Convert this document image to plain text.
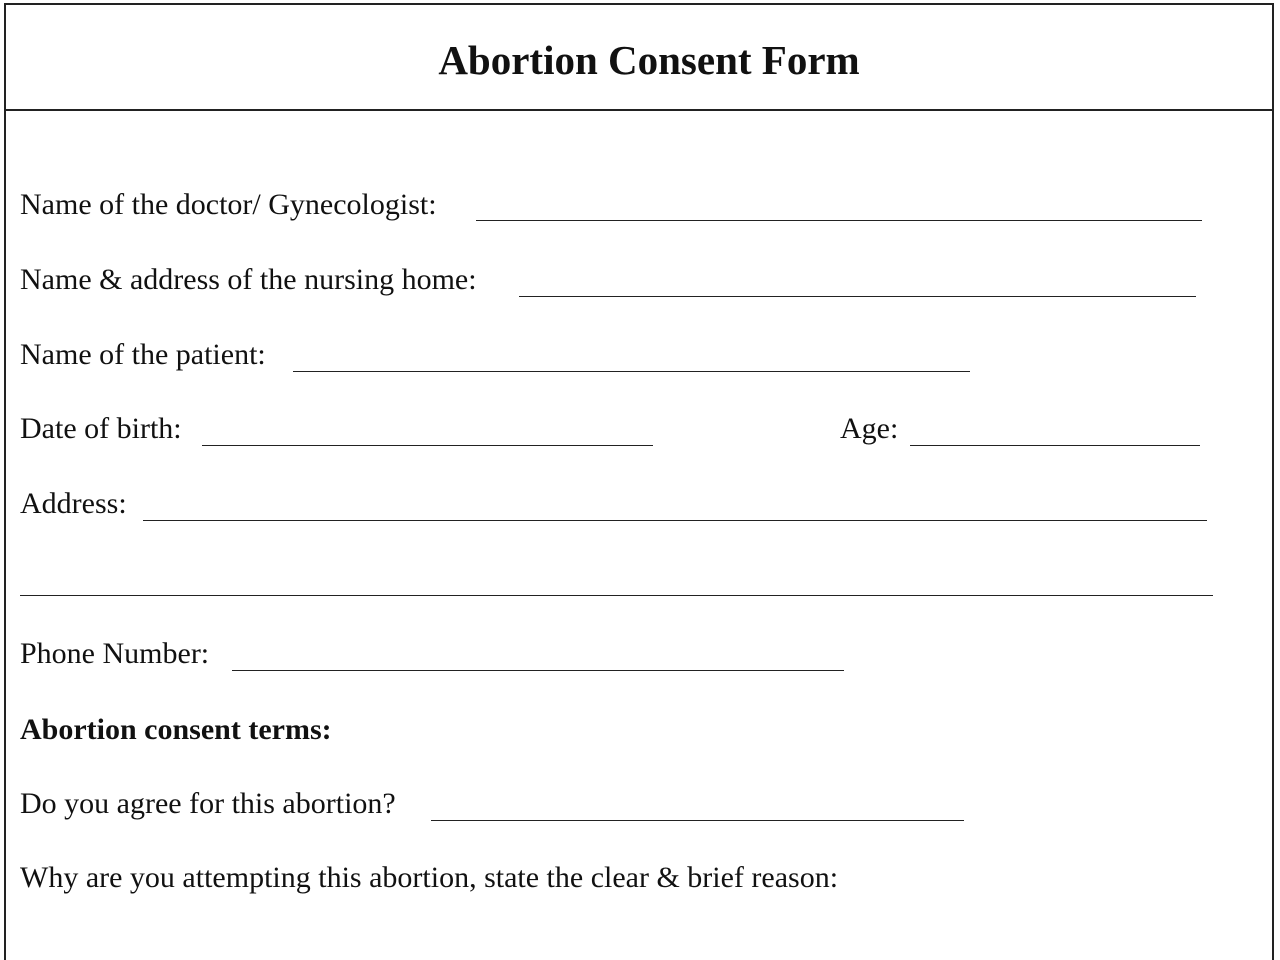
Abortion Consent Form
Name of the doctor/ Gynecologist:
Name & address of the nursing home:
Name of the patient:
Date of birth:	Age:
Address:
Phone Number:
Abortion consent terms:
Do you agree for this abortion?
Why are you attempting this abortion, state the clear & brief reason:
